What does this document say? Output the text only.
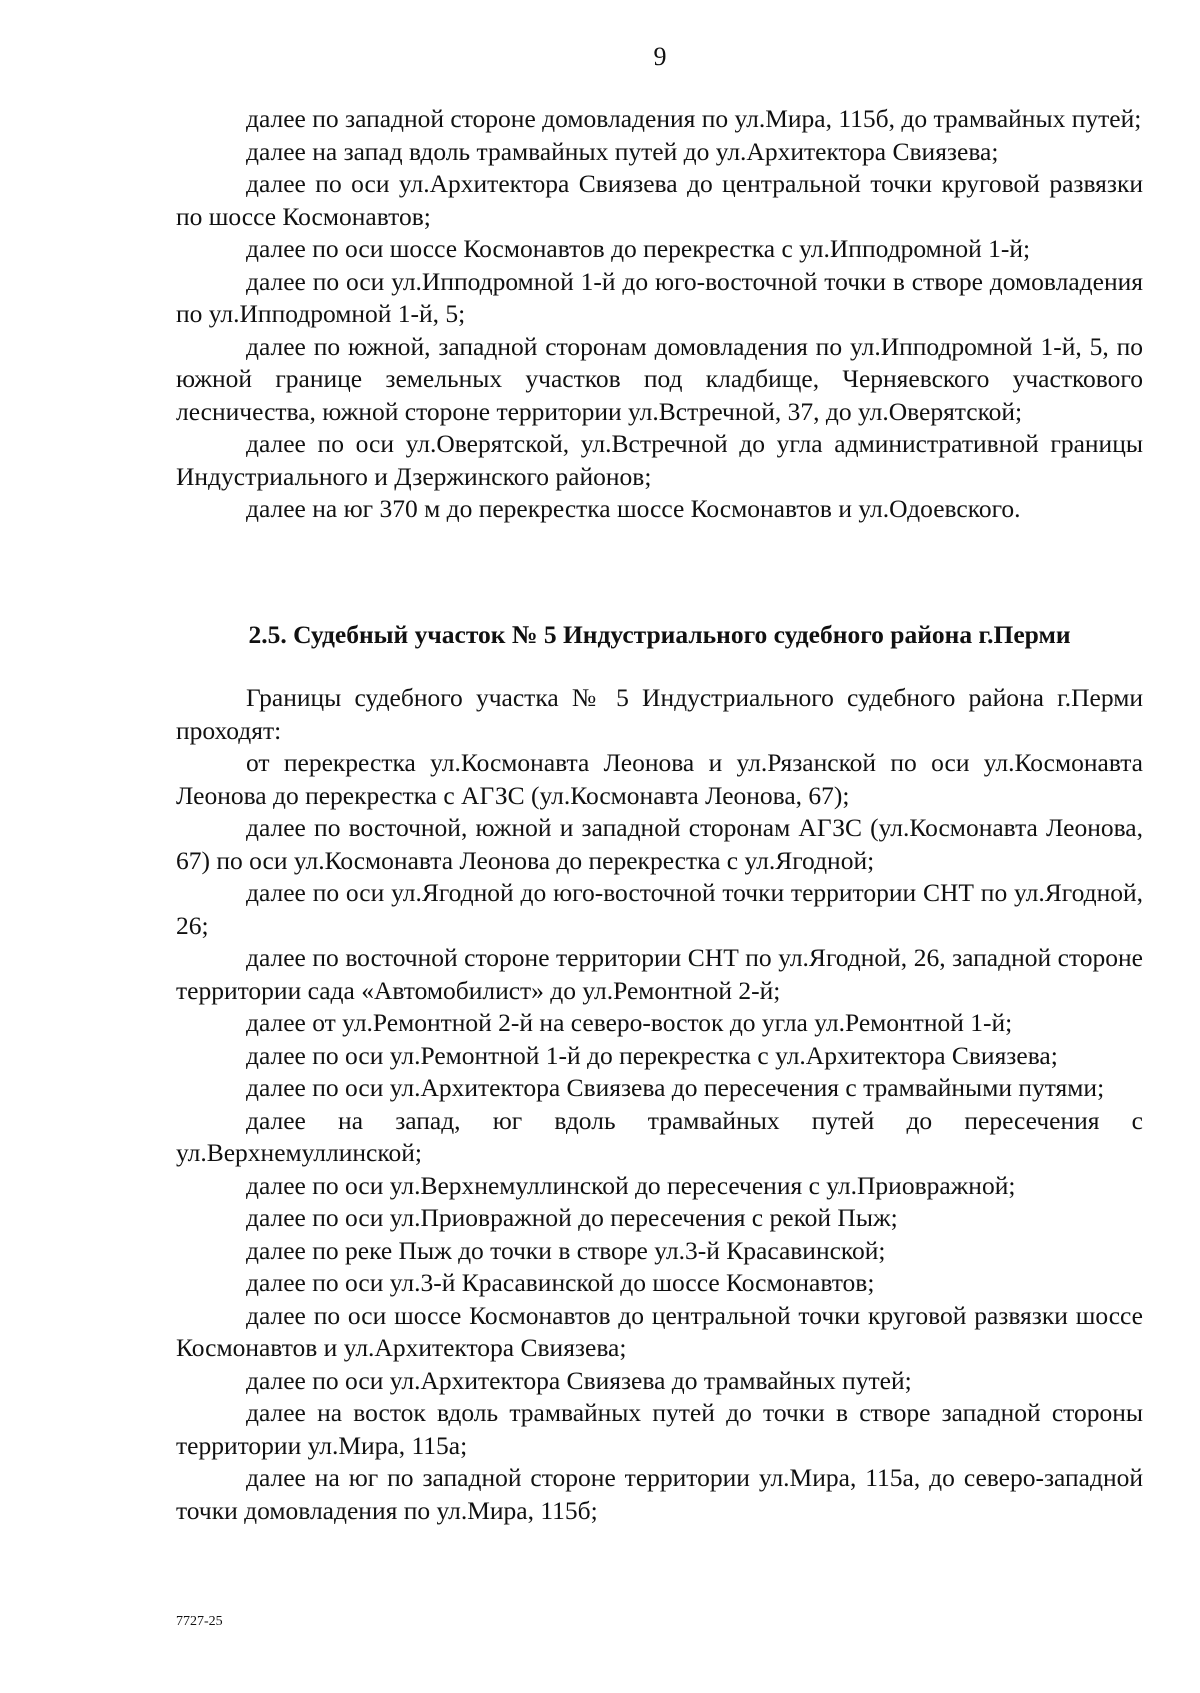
9

далее по западной стороне домовладения по ул.Мира, 115б, до трамвайных путей;

далее на запад вдоль трамвайных путей до ул.Архитектора Свиязева;

далее по оси ул.Архитектора Свиязева до центральной точки круговой развязки по шоссе Космонавтов;

далее по оси шоссе Космонавтов до перекрестка с ул.Ипподромной 1-й;

далее по оси ул.Ипподромной 1-й до юго-восточной точки в створе домовладения по ул.Ипподромной 1-й, 5;

далее по южной, западной сторонам домовладения по ул.Ипподромной 1-й, 5, по южной границе земельных участков под кладбище, Черняевского участкового лесничества, южной стороне территории ул.Встречной, 37, до ул.Оверятской;

далее по оси ул.Оверятской, ул.Встречной до угла административной границы Индустриального и Дзержинского районов;

далее на юг 370 м до перекрестка шоссе Космонавтов и ул.Одоевского.

2.5. Судебный участок № 5 Индустриального судебного района г.Перми

Границы судебного участка № 5 Индустриального судебного района г.Перми проходят:

от перекрестка ул.Космонавта Леонова и ул.Рязанской по оси ул.Космонавта Леонова до перекрестка с АГЗС (ул.Космонавта Леонова, 67);

далее по восточной, южной и западной сторонам АГЗС (ул.Космонавта Леонова, 67) по оси ул.Космонавта Леонова до перекрестка с ул.Ягодной;

далее по оси ул.Ягодной до юго-восточной точки территории СНТ по ул.Ягодной, 26;

далее по восточной стороне территории СНТ по ул.Ягодной, 26, западной стороне территории сада «Автомобилист» до ул.Ремонтной 2-й;

далее от ул.Ремонтной 2-й на северо-восток до угла ул.Ремонтной 1-й;

далее по оси ул.Ремонтной 1-й до перекрестка с ул.Архитектора Свиязева;

далее по оси ул.Архитектора Свиязева до пересечения с трамвайными путями;

далее на запад, юг вдоль трамвайных путей до пересечения с ул.Верхнемуллинской;

далее по оси ул.Верхнемуллинской до пересечения с ул.Приовражной;

далее по оси ул.Приовражной до пересечения с рекой Пыж;

далее по реке Пыж до точки в створе ул.3-й Красавинской;

далее по оси ул.3-й Красавинской до шоссе Космонавтов;

далее по оси шоссе Космонавтов до центральной точки круговой развязки шоссе Космонавтов и ул.Архитектора Свиязева;

далее по оси ул.Архитектора Свиязева до трамвайных путей;

далее на восток вдоль трамвайных путей до точки в створе западной стороны территории ул.Мира, 115а;

далее на юг по западной стороне территории ул.Мира, 115а, до северо-западной точки домовладения по ул.Мира, 115б;

7727-25
